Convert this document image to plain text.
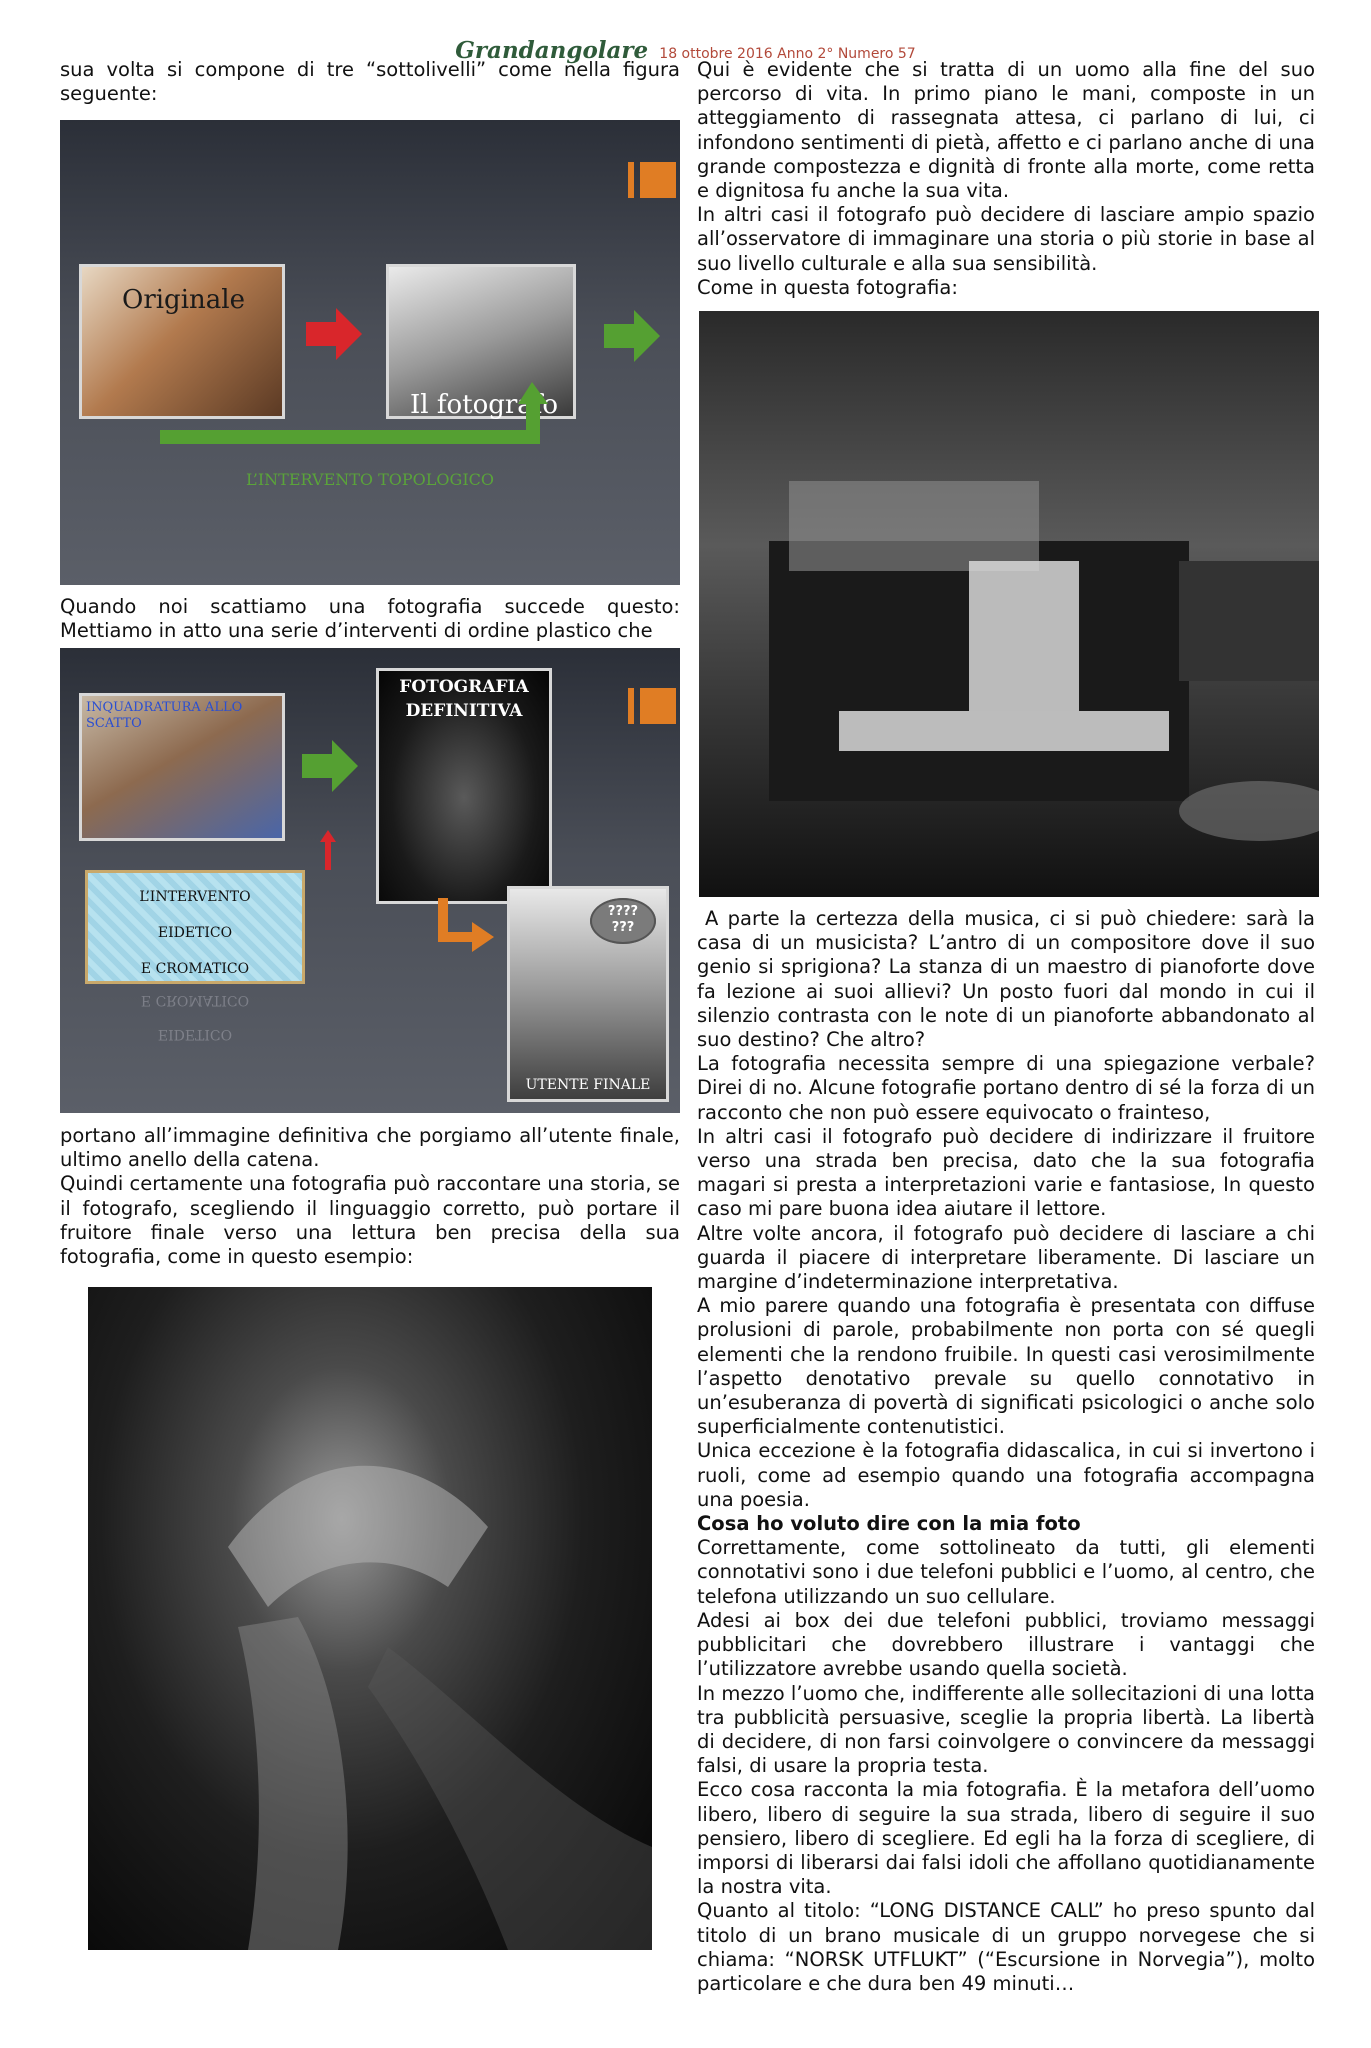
Grandangolare 18 ottobre 2016 Anno 2° Numero 57

sua volta si compone di tre “sottolivelli” come nella figura seguente:

Originale
Il fotografo
L’INTERVENTO TOPOLOGICO

Quando noi scattiamo una fotografia succede questo: Mettiamo in atto una serie d’interventi di ordine plastico che

INQUADRATURA ALLO SCATTO
FOTOGRAFIA DEFINITIVA
L’INTERVENTO
EIDETICO
E CROMATICO
EIDETICO
E CROMATICO
UTENTE FINALE
????
???

portano all’immagine definitiva che porgiamo all’utente finale, ultimo anello della catena.

Quindi certamente una fotografia può raccontare una storia, se il fotografo, scegliendo il linguaggio corretto, può portare il fruitore finale verso una lettura ben precisa della sua fotografia, come in questo esempio:

Qui è evidente che si tratta di un uomo alla fine del suo percorso di vita. In primo piano le mani, composte in un atteggiamento di rassegnata attesa, ci parlano di lui, ci infondono sentimenti di pietà, affetto e ci parlano anche di una grande compostezza e dignità di fronte alla morte, come retta e dignitosa fu anche la sua vita.

In altri casi il fotografo può decidere di lasciare ampio spazio all’osservatore di immaginare una storia o più storie in base al suo livello culturale e alla sua sensibilità.

Come in questa fotografia:

A parte la certezza della musica, ci si può chiedere: sarà la casa di un musicista? L’antro di un compositore dove il suo genio si sprigiona? La stanza di un maestro di pianoforte dove fa lezione ai suoi allievi? Un posto fuori dal mondo in cui il silenzio contrasta con le note di un pianoforte abbandonato al suo destino? Che altro?

La fotografia necessita sempre di una spiegazione verbale? Direi di no. Alcune fotografie portano dentro di sé la forza di un racconto che non può essere equivocato o frainteso,

In altri casi il fotografo può decidere di indirizzare il fruitore verso una strada ben precisa, dato che la sua fotografia magari si presta a interpretazioni varie e fantasiose, In questo caso mi pare buona idea aiutare il lettore.

Altre volte ancora, il fotografo può decidere di lasciare a chi guarda il piacere di interpretare liberamente. Di lasciare un margine d’indeterminazione interpretativa.

A mio parere quando una fotografia è presentata con diffuse prolusioni di parole, probabilmente non porta con sé quegli elementi che la rendono fruibile. In questi casi verosimilmente l’aspetto denotativo prevale su quello connotativo in un’esuberanza di povertà di significati psicologici o anche solo superficialmente contenutistici.

Unica eccezione è la fotografia didascalica, in cui si invertono i ruoli, come ad esempio quando una fotografia accompagna una poesia.

Cosa ho voluto dire con la mia foto

Correttamente, come sottolineato da tutti, gli elementi connotativi sono i due telefoni pubblici e l’uomo, al centro, che telefona utilizzando un suo cellulare.

Adesi ai box dei due telefoni pubblici, troviamo messaggi pubblicitari che dovrebbero illustrare i vantaggi che l’utilizzatore avrebbe usando quella società.

In mezzo l’uomo che, indifferente alle sollecitazioni di una lotta tra pubblicità persuasive, sceglie la propria libertà. La libertà di decidere, di non farsi coinvolgere o convincere da messaggi falsi, di usare la propria testa.

Ecco cosa racconta la mia fotografia. È la metafora dell’uomo libero, libero di seguire la sua strada, libero di seguire il suo pensiero, libero di scegliere. Ed egli ha la forza di scegliere, di imporsi di liberarsi dai falsi idoli che affollano quotidianamente la nostra vita.

Quanto al titolo: “LONG DISTANCE CALL” ho preso spunto dal titolo di un brano musicale di un gruppo norvegese che si chiama: “NORSK UTFLUKT” (“Escursione in Norvegia”), molto particolare e che dura ben 49 minuti…
